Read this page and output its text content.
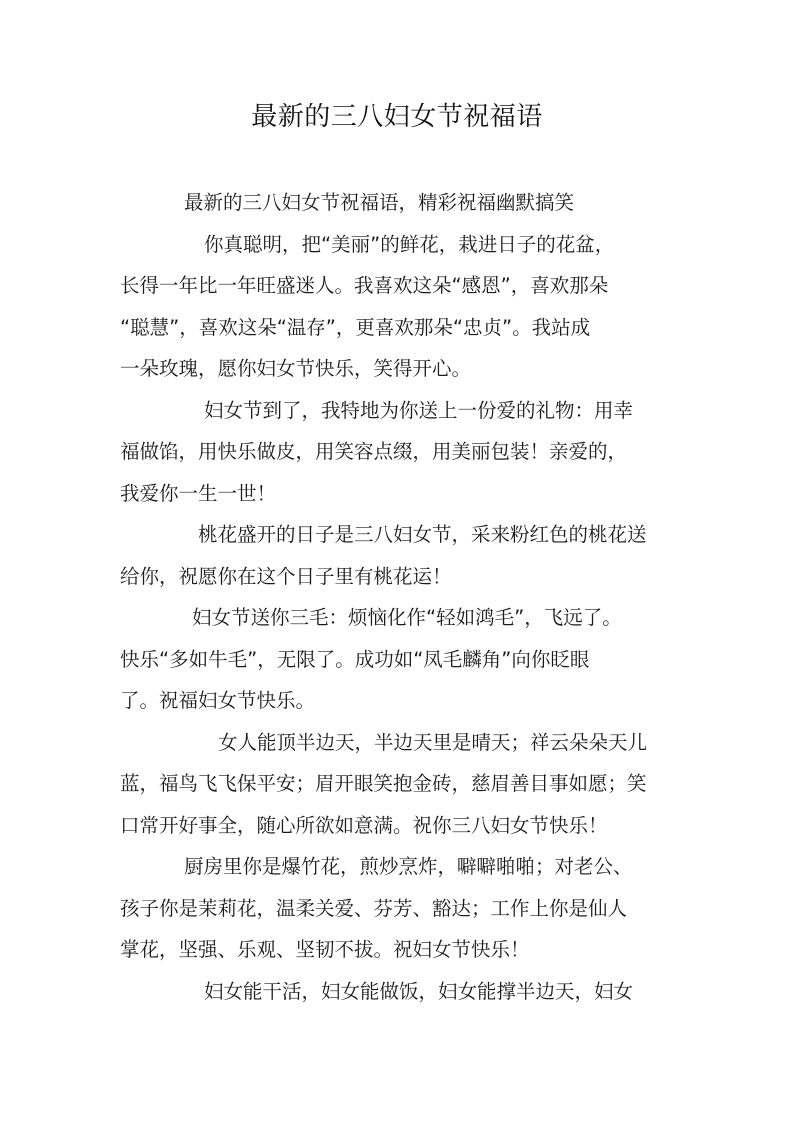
最新的三八妇女节祝福语

最新的三八妇女节祝福语，精彩祝福幽默搞笑

你真聪明，把“美丽”的鲜花，栽进日子的花盆，
长得一年比一年旺盛迷人。我喜欢这朵“感恩”，喜欢那朵
“聪慧”，喜欢这朵“温存”，更喜欢那朵“忠贞”。我站成
一朵玫瑰，愿你妇女节快乐，笑得开心。

妇女节到了，我特地为你送上一份爱的礼物：用幸
福做馅，用快乐做皮，用笑容点缀，用美丽包装！亲爱的，
我爱你一生一世！

桃花盛开的日子是三八妇女节，采来粉红色的桃花送
给你，祝愿你在这个日子里有桃花运！

妇女节送你三毛：烦恼化作“轻如鸿毛”，飞远了。
快乐“多如牛毛”，无限了。成功如“凤毛麟角”向你眨眼
了。祝福妇女节快乐。

女人能顶半边天，半边天里是晴天；祥云朵朵天儿
蓝，福鸟飞飞保平安；眉开眼笑抱金砖，慈眉善目事如愿；笑
口常开好事全，随心所欲如意满。祝你三八妇女节快乐！

厨房里你是爆竹花，煎炒烹炸，噼噼啪啪；对老公、
孩子你是茉莉花，温柔关爱、芬芳、豁达；工作上你是仙人
掌花，坚强、乐观、坚韧不拔。祝妇女节快乐！

妇女能干活，妇女能做饭，妇女能撑半边天，妇女
